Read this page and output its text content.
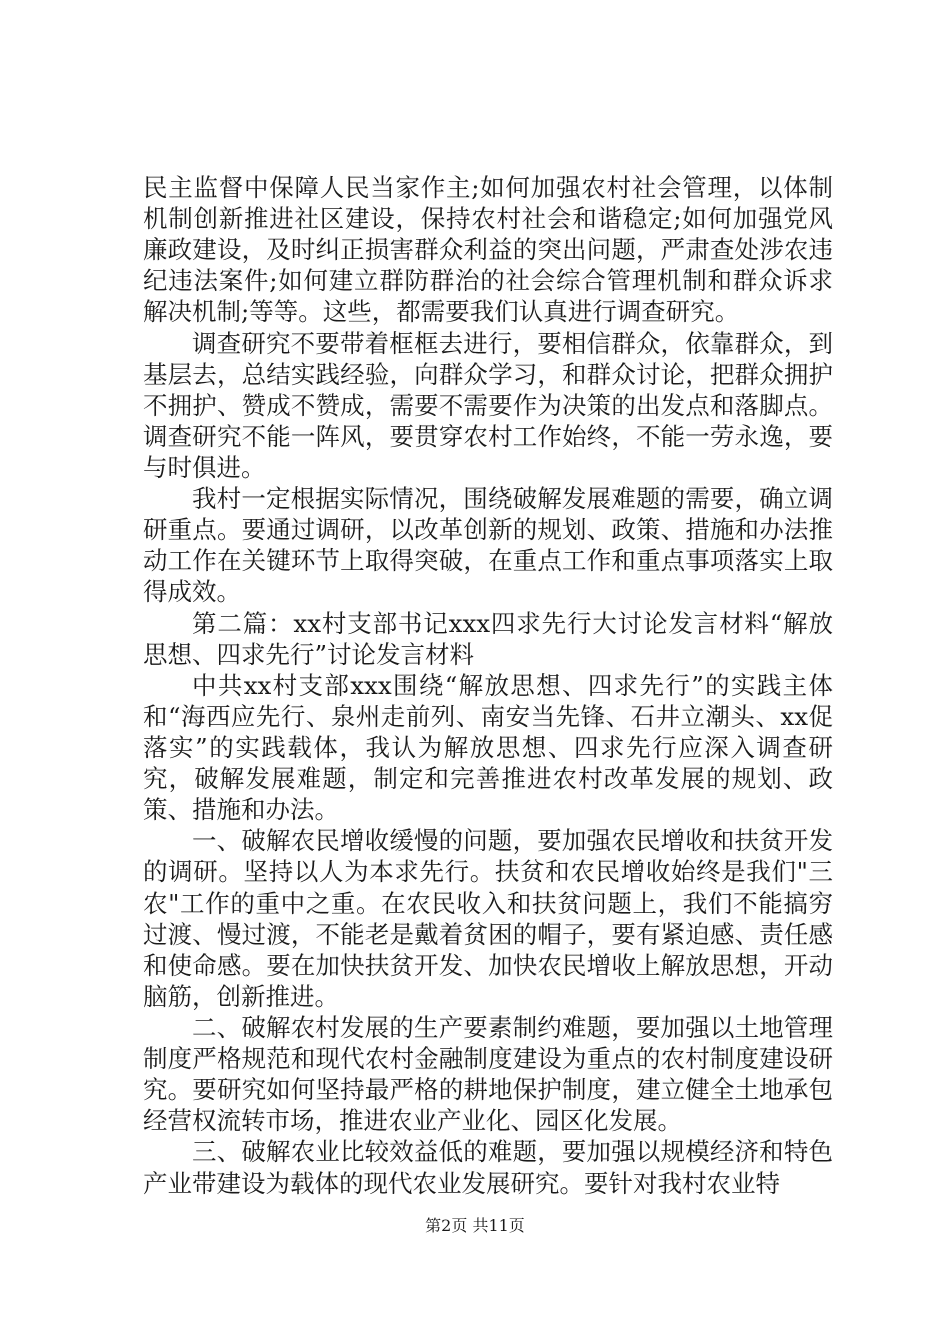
民主监督中保障人民当家作主;如何加强农村社会管理，以体制机制创新推进社区建设，保持农村社会和谐稳定;如何加强党风廉政建设，及时纠正损害群众利益的突出问题，严肃查处涉农违纪违法案件;如何建立群防群治的社会综合管理机制和群众诉求解决机制;等等。这些，都需要我们认真进行调查研究。

调查研究不要带着框框去进行，要相信群众，依靠群众，到基层去，总结实践经验，向群众学习，和群众讨论，把群众拥护不拥护、赞成不赞成，需要不需要作为决策的出发点和落脚点。调查研究不能一阵风，要贯穿农村工作始终，不能一劳永逸，要与时俱进。

我村一定根据实际情况，围绕破解发展难题的需要，确立调研重点。要通过调研，以改革创新的规划、政策、措施和办法推动工作在关键环节上取得突破，在重点工作和重点事项落实上取得成效。

第二篇：xx村支部书记xxx四求先行大讨论发言材料“解放思想、四求先行”讨论发言材料

中共xx村支部xxx围绕“解放思想、四求先行”的实践主体和“海西应先行、泉州走前列、南安当先锋、石井立潮头、xx促落实”的实践载体，我认为解放思想、四求先行应深入调查研究，破解发展难题，制定和完善推进农村改革发展的规划、政策、措施和办法。

一、破解农民增收缓慢的问题，要加强农民增收和扶贫开发的调研。坚持以人为本求先行。扶贫和农民增收始终是我们"三农"工作的重中之重。在农民收入和扶贫问题上，我们不能搞穷过渡、慢过渡，不能老是戴着贫困的帽子，要有紧迫感、责任感和使命感。要在加快扶贫开发、加快农民增收上解放思想，开动脑筋，创新推进。

二、破解农村发展的生产要素制约难题，要加强以土地管理制度严格规范和现代农村金融制度建设为重点的农村制度建设研究。要研究如何坚持最严格的耕地保护制度，建立健全土地承包经营权流转市场，推进农业产业化、园区化发展。

三、破解农业比较效益低的难题，要加强以规模经济和特色产业带建设为载体的现代农业发展研究。要针对我村农业特

第2页 共11页
